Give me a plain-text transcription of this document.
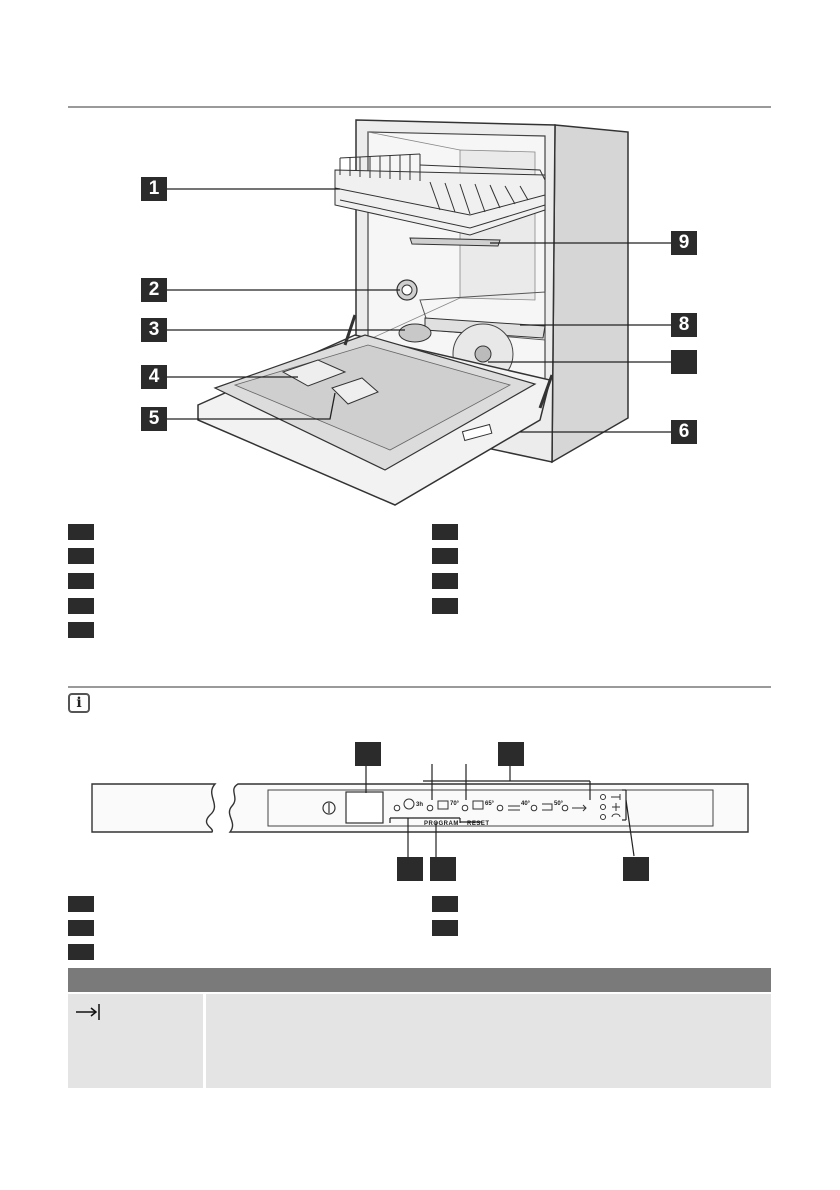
1
2
3
4
5
6
8
9
i
3h	70°	65°	40°	50°
PROGRAM RESET
